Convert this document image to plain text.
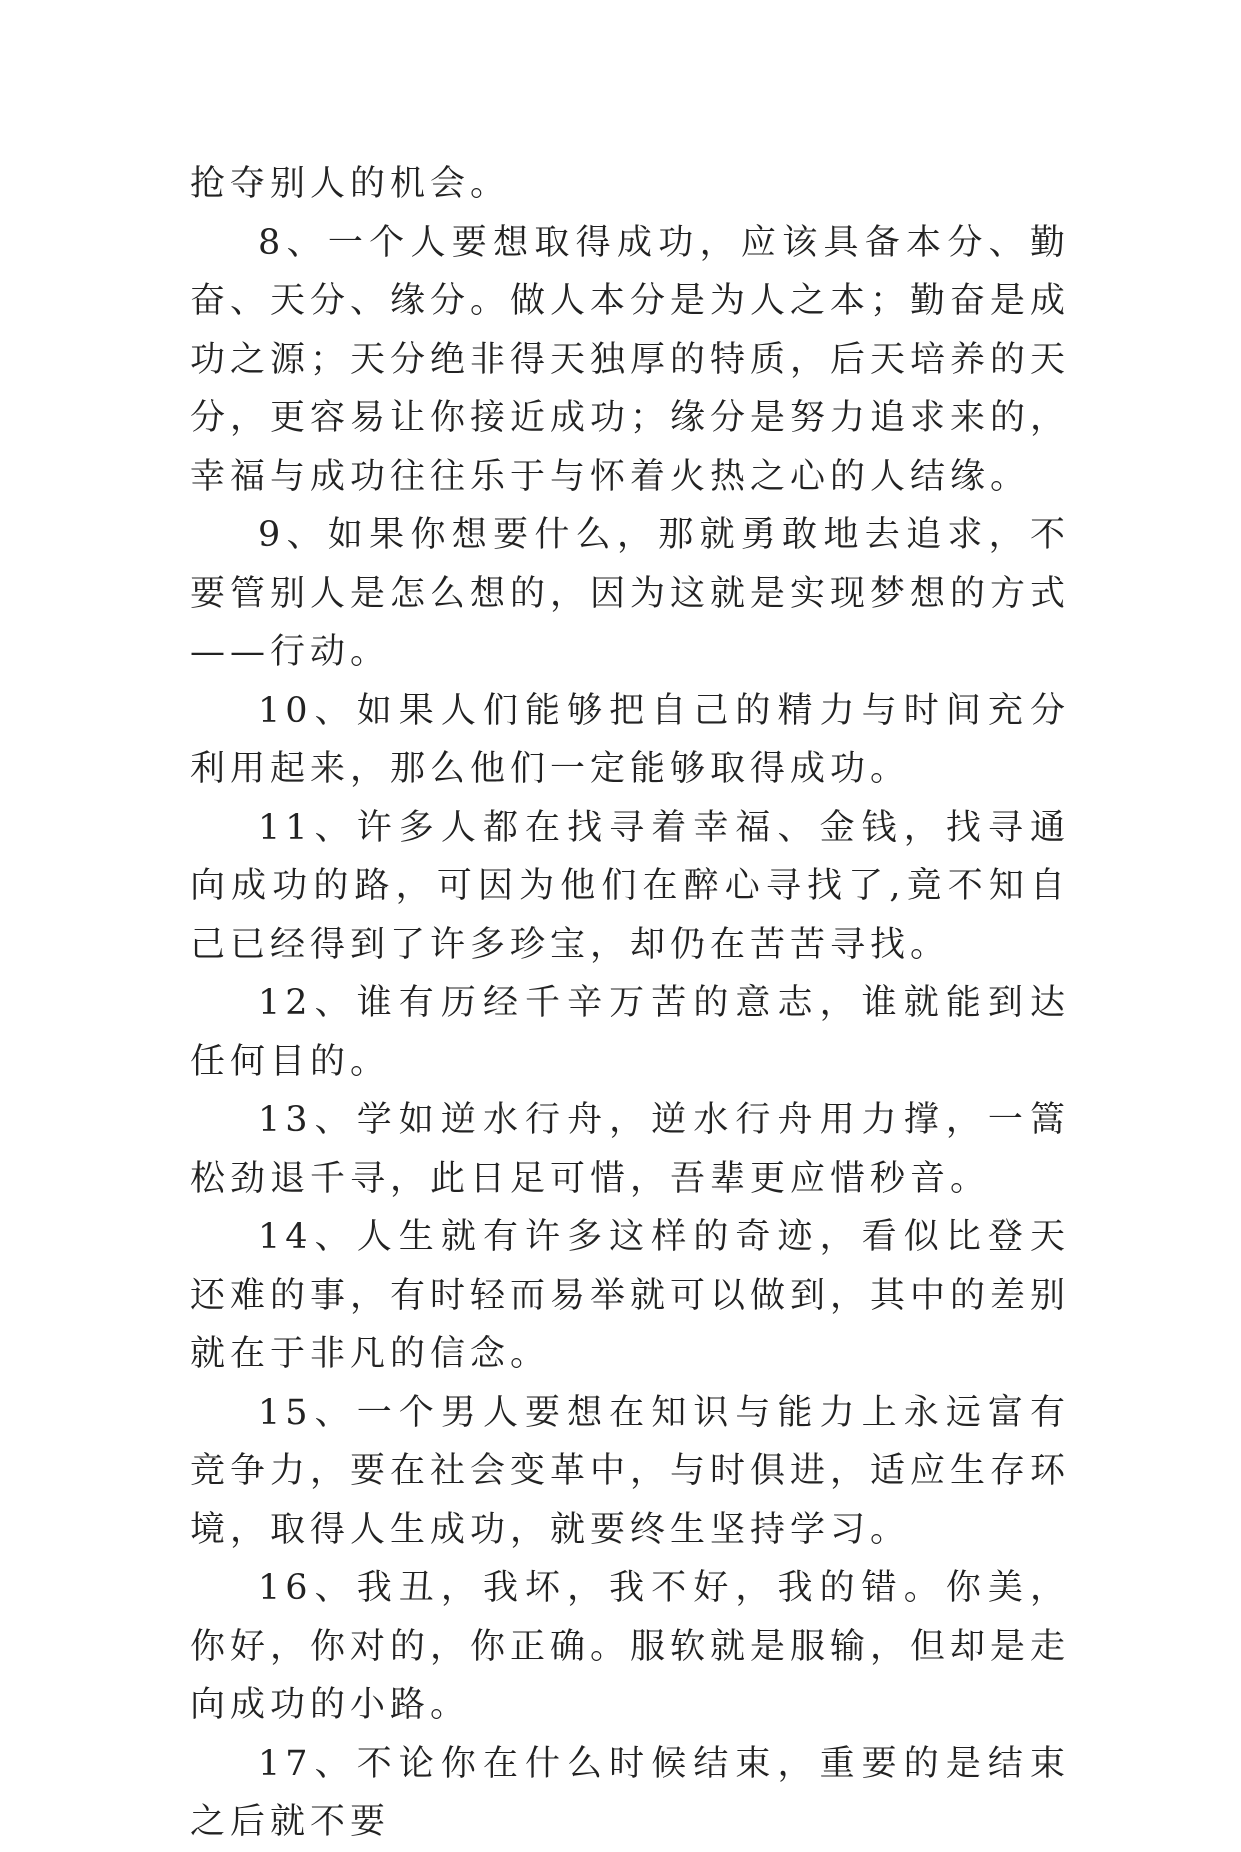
抢夺别人的机会。

8、一个人要想取得成功，应该具备本分、勤奋、天分、缘分。做人本分是为人之本；勤奋是成功之源；天分绝非得天独厚的特质，后天培养的天分，更容易让你接近成功；缘分是努力追求来的，幸福与成功往往乐于与怀着火热之心的人结缘。

9、如果你想要什么，那就勇敢地去追求，不要管别人是怎么想的，因为这就是实现梦想的方式——行动。

10、如果人们能够把自己的精力与时间充分利用起来，那么他们一定能够取得成功。

11、许多人都在找寻着幸福、金钱，找寻通向成功的路，可因为他们在醉心寻找了,竟不知自己已经得到了许多珍宝，却仍在苦苦寻找。

12、谁有历经千辛万苦的意志，谁就能到达任何目的。

13、学如逆水行舟，逆水行舟用力撑，一篙松劲退千寻，此日足可惜，吾辈更应惜秒音。

14、人生就有许多这样的奇迹，看似比登天还难的事，有时轻而易举就可以做到，其中的差别就在于非凡的信念。

15、一个男人要想在知识与能力上永远富有竞争力，要在社会变革中，与时俱进，适应生存环境，取得人生成功，就要终生坚持学习。

16、我丑，我坏，我不好，我的错。你美，你好，你对的，你正确。服软就是服输，但却是走向成功的小路。

17、不论你在什么时候结束，重要的是结束之后就不要
